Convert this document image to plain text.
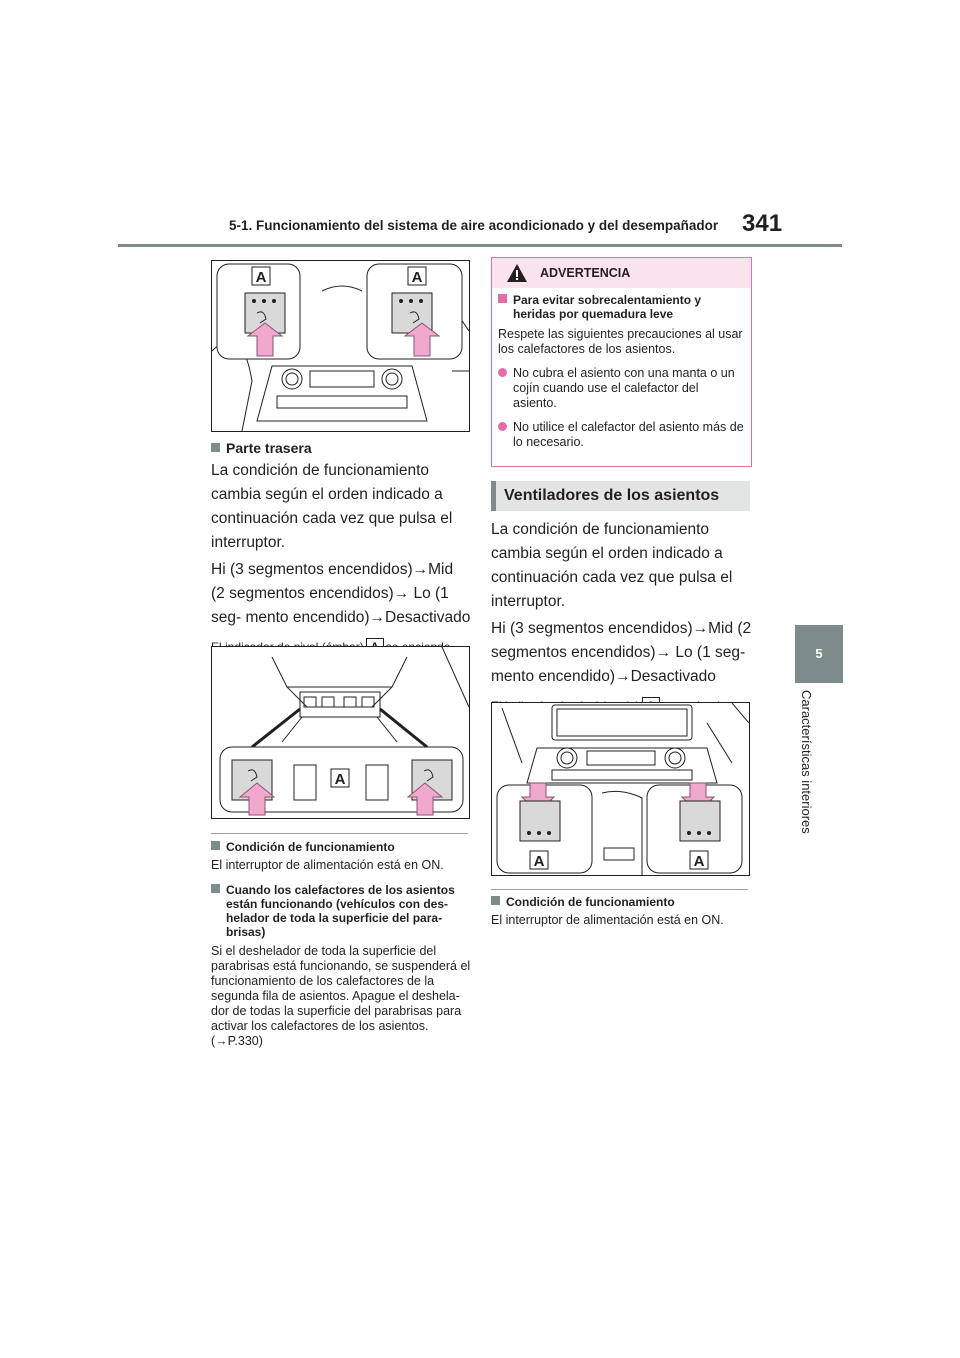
5-1. Funcionamiento del sistema de aire acondicionado y del desempañador 341
5
Características interiores
A	A
Parte trasera
La condición de funcionamiento cambia según el orden indicado a continuación cada vez que pulsa el interruptor.
Hi (3 segmentos encendidos)→Mid (2 segmentos encendidos)→ Lo (1 seg- mento encendido)→Desactivado
A
Condición de funcionamiento
El interruptor de alimentación está en ON.
Cuando los calefactores de los asientos están funcionando (vehículos con des- helador de toda la superficie del para- brisas)
Si el deshelador de toda la superficie del parabrisas está funcionando, se suspenderá el funcionamiento de los calefactores de la segunda fila de asientos. Apague el deshela- dor de todas la superficie del parabrisas para activar los calefactores de los asientos. (→P.330)
ADVERTENCIA
Para evitar sobrecalentamiento y heridas por quemadura leve
Respete las siguientes precauciones al usar los calefactores de los asientos.
No cubra el asiento con una manta o un cojín cuando use el calefactor del asiento.
No utilice el calefactor del asiento más de lo necesario.
Ventiladores de los asientos
La condición de funcionamiento cambia según el orden indicado a continuación cada vez que pulsa el interruptor.
Hi (3 segmentos encendidos)→Mid (2 segmentos encendidos)→ Lo (1 seg- mento encendido)→Desactivado
A	A
Condición de funcionamiento
El interruptor de alimentación está en ON.
